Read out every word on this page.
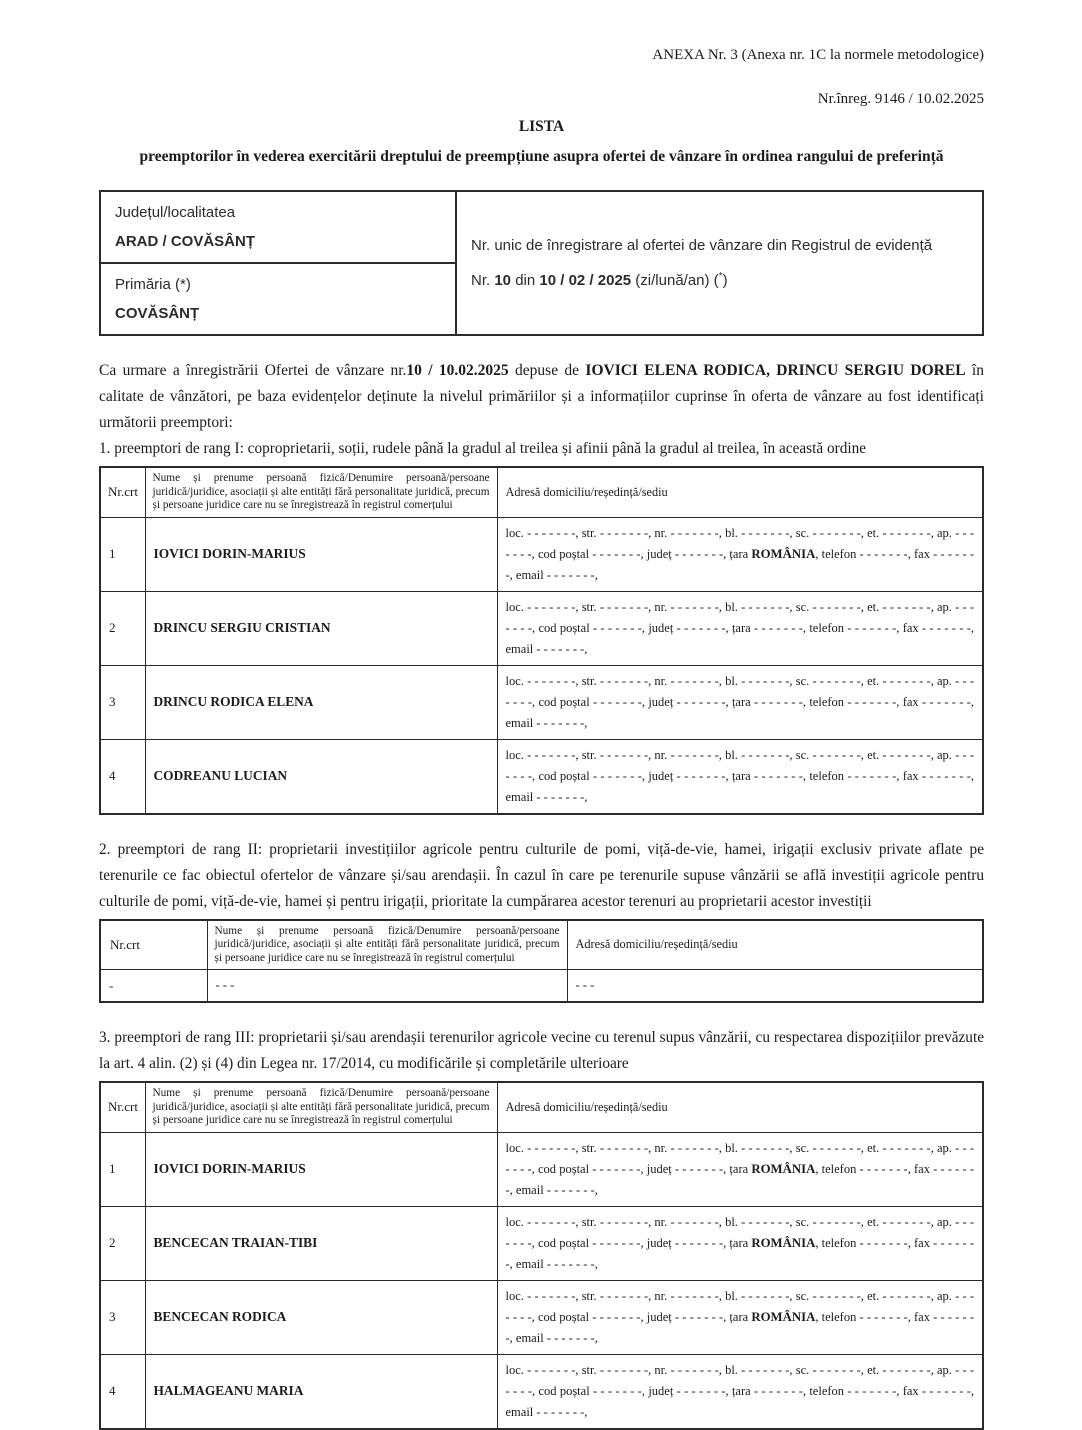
ANEXA Nr. 3 (Anexa nr. 1C la normele metodologice)
Nr.înreg. 9146 / 10.02.2025
LISTA
preemptorilor în vederea exercitării dreptului de preempțiune asupra ofertei de vânzare în ordinea rangului de preferință
Județul/localitatea
ARAD / COVĂSÂNȚ	Nr. unic de înregistrare al ofertei de vânzare din Registrul de evidență
Nr. 10 din 10 / 02 / 2025 (zi/lună/an) (*)

Primăria (*)
COVĂSÂNȚ

Ca urmare a înregistrării Ofertei de vânzare nr.10 / 10.02.2025 depuse de IOVICI ELENA RODICA, DRINCU SERGIU DOREL în calitate de vânzători, pe baza evidențelor deținute la nivelul primăriilor și a informațiilor cuprinse în oferta de vânzare au fost identificați următorii preemptori:

1. preemptori de rang I: coproprietarii, soții, rudele până la gradul al treilea și afinii până la gradul al treilea, în această ordine

Nr.crt	Nume și prenume persoană fizică/Denumire persoană/persoane juridică/juridice, asociații și alte entități fără personalitate juridică, precum și persoane juridice care nu se înregistrează în registrul comerțului	Adresă domiciliu/reședință/sediu
1	IOVICI DORIN-MARIUS	loc. - - - - - - -, str. - - - - - - -, nr. - - - - - - -, bl. - - - - - - -, sc. - - - - - - -, et. - - - - - - -, ap. - - - - - - -, cod poștal - - - - - - -, județ - - - - - - -, țara ROMÂNIA, telefon - - - - - - -, fax - - - - - - -, email - - - - - - -,
2	DRINCU SERGIU CRISTIAN	loc. - - - - - - -, str. - - - - - - -, nr. - - - - - - -, bl. - - - - - - -, sc. - - - - - - -, et. - - - - - - -, ap. - - - - - - -, cod poștal - - - - - - -, județ - - - - - - -, țara - - - - - - -, telefon - - - - - - -, fax - - - - - - -, email - - - - - - -,
3	DRINCU RODICA ELENA	loc. - - - - - - -, str. - - - - - - -, nr. - - - - - - -, bl. - - - - - - -, sc. - - - - - - -, et. - - - - - - -, ap. - - - - - - -, cod poștal - - - - - - -, județ - - - - - - -, țara - - - - - - -, telefon - - - - - - -, fax - - - - - - -, email - - - - - - -,
4	CODREANU LUCIAN	loc. - - - - - - -, str. - - - - - - -, nr. - - - - - - -, bl. - - - - - - -, sc. - - - - - - -, et. - - - - - - -, ap. - - - - - - -, cod poștal - - - - - - -, județ - - - - - - -, țara - - - - - - -, telefon - - - - - - -, fax - - - - - - -, email - - - - - - -,

2. preemptori de rang II: proprietarii investițiilor agricole pentru culturile de pomi, viță-de-vie, hamei, irigații exclusiv private aflate pe terenurile ce fac obiectul ofertelor de vânzare și/sau arendașii. În cazul în care pe terenurile supuse vânzării se află investiții agricole pentru culturile de pomi, viță-de-vie, hamei și pentru irigații, prioritate la cumpărarea acestor terenuri au proprietarii acestor investiții

Nr.crt	Nume și prenume persoană fizică/Denumire persoană/persoane juridică/juridice, asociații și alte entități fără personalitate juridică, precum și persoane juridice care nu se înregistrează în registrul comerțului	Adresă domiciliu/reședință/sediu
-	- - -	- - -

3. preemptori de rang III: proprietarii și/sau arendașii terenurilor agricole vecine cu terenul supus vânzării, cu respectarea dispozițiilor prevăzute la art. 4 alin. (2) și (4) din Legea nr. 17/2014, cu modificările și completările ulterioare

Nr.crt	Nume și prenume persoană fizică/Denumire persoană/persoane juridică/juridice, asociații și alte entități fără personalitate juridică, precum și persoane juridice care nu se înregistrează în registrul comerțului	Adresă domiciliu/reședință/sediu
1	IOVICI DORIN-MARIUS	loc. - - - - - - -, str. - - - - - - -, nr. - - - - - - -, bl. - - - - - - -, sc. - - - - - - -, et. - - - - - - -, ap. - - - - - - -, cod poștal - - - - - - -, județ - - - - - - -, țara ROMÂNIA, telefon - - - - - - -, fax - - - - - - -, email - - - - - - -,
2	BENCECAN TRAIAN-TIBI	loc. - - - - - - -, str. - - - - - - -, nr. - - - - - - -, bl. - - - - - - -, sc. - - - - - - -, et. - - - - - - -, ap. - - - - - - -, cod poștal - - - - - - -, județ - - - - - - -, țara ROMÂNIA, telefon - - - - - - -, fax - - - - - - -, email - - - - - - -,
3	BENCECAN RODICA	loc. - - - - - - -, str. - - - - - - -, nr. - - - - - - -, bl. - - - - - - -, sc. - - - - - - -, et. - - - - - - -, ap. - - - - - - -, cod poștal - - - - - - -, județ - - - - - - -, țara ROMÂNIA, telefon - - - - - - -, fax - - - - - - -, email - - - - - - -,
4	HALMAGEANU MARIA	loc. - - - - - - -, str. - - - - - - -, nr. - - - - - - -, bl. - - - - - - -, sc. - - - - - - -, et. - - - - - - -, ap. - - - - - - -, cod poștal - - - - - - -, județ - - - - - - -, țara - - - - - - -, telefon - - - - - - -, fax - - - - - - -, email - - - - - - -,
